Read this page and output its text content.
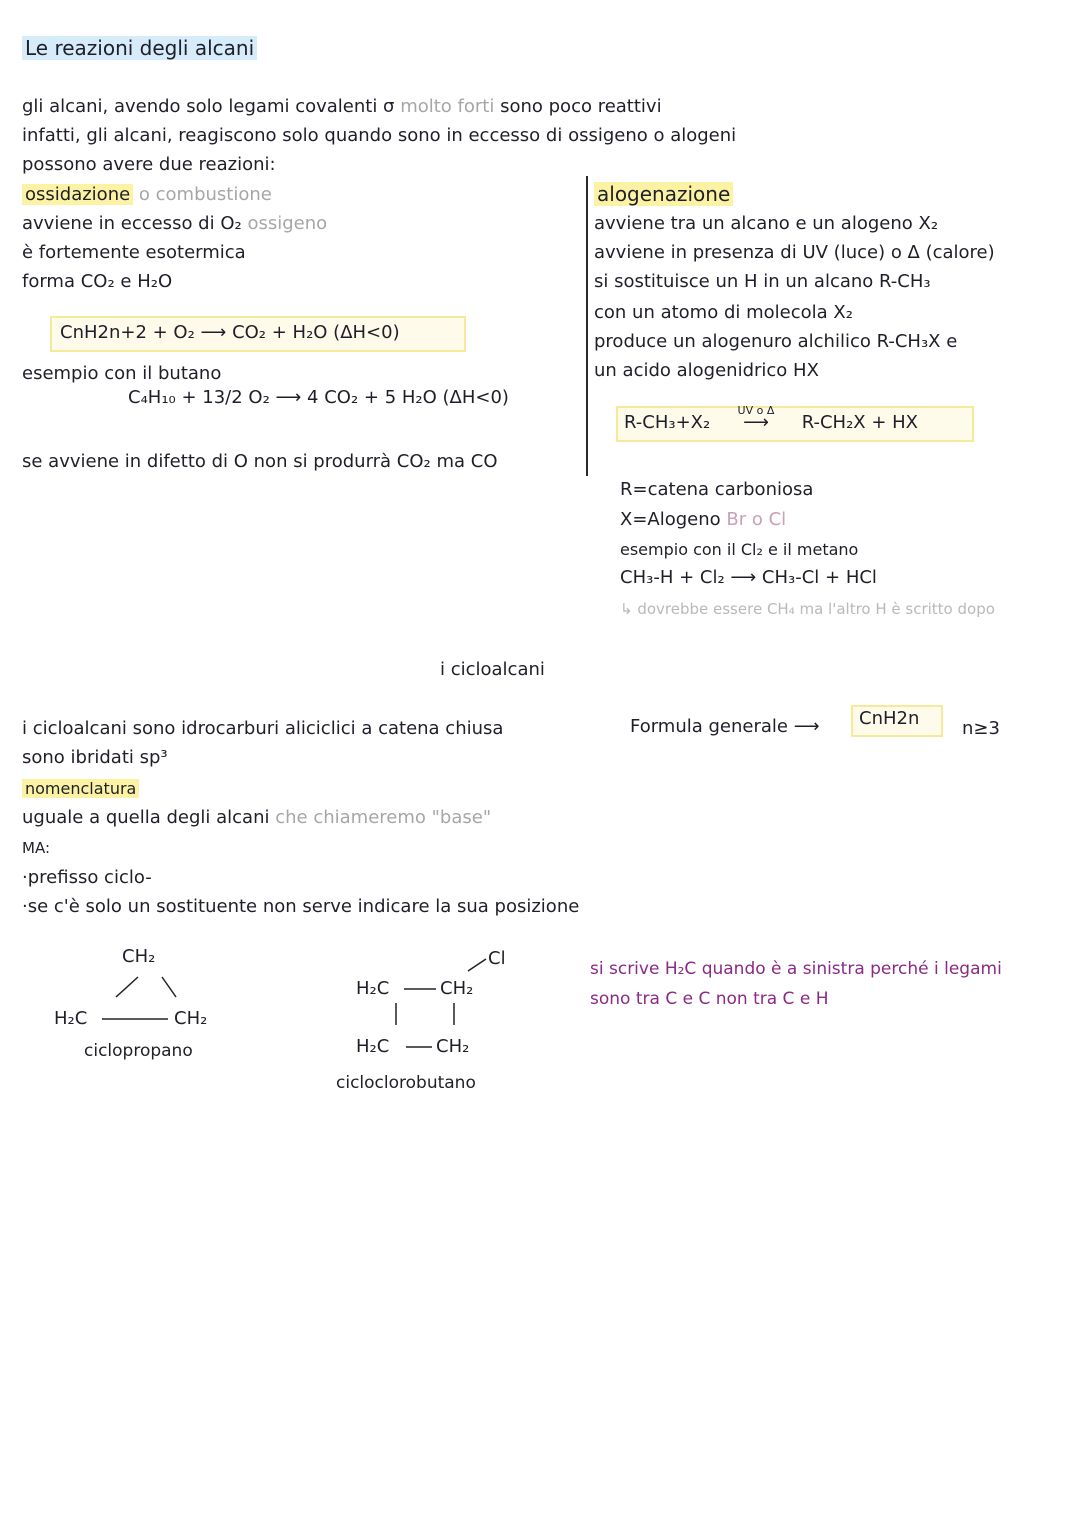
Le reazioni degli alcani
gli alcani, avendo solo legami covalenti σ molto forti sono poco reattivi
infatti, gli alcani, reagiscono solo quando sono in eccesso di ossigeno o alogeni
possono avere due reazioni:
ossidazione o combustione
avviene in eccesso di O₂ ossigeno
è fortemente esotermica
forma CO₂ e H₂O
CnH2n+2 + O₂ ⟶ CO₂ + H₂O (ΔH<0)
esempio con il butano
C₄H₁₀ + 13/2 O₂ ⟶ 4 CO₂ + 5 H₂O (ΔH<0)
se avviene in difetto di O non si produrrà CO₂ ma CO
alogenazione
avviene tra un alcano e un alogeno X₂
avviene in presenza di UV (luce) o Δ (calore)
si sostituisce un H in un alcano R-CH₃
con un atomo di molecola X₂
produce un alogenuro alchilico R-CH₃X e
un acido alogenidrico HX
R-CH₃+X₂
UV o Δ
⟶ R-CH₂X + HX
R=catena carboniosa
X=Alogeno Br o Cl
esempio con il Cl₂ e il metano
CH₃-H + Cl₂ ⟶ CH₃-Cl + HCl
↳ dovrebbe essere CH₄ ma l'altro H è scritto dopo
i cicloalcani
i cicloalcani sono idrocarburi aliciclici a catena chiusa	Formula generale ⟶ CnH2n n≥3
sono ibridati sp³
nomenclatura
uguale a quella degli alcani che chiameremo "base"
MA:
·prefisso ciclo-
·se c'è solo un sostituente non serve indicare la sua posizione
CH₂
H₂C	CH₂
ciclopropano
Cl
H₂C	CH₂
H₂C	CH₂
cicloclorobutano
si scrive H₂C quando è a sinistra perché i legami sono tra C e C non tra C e H
